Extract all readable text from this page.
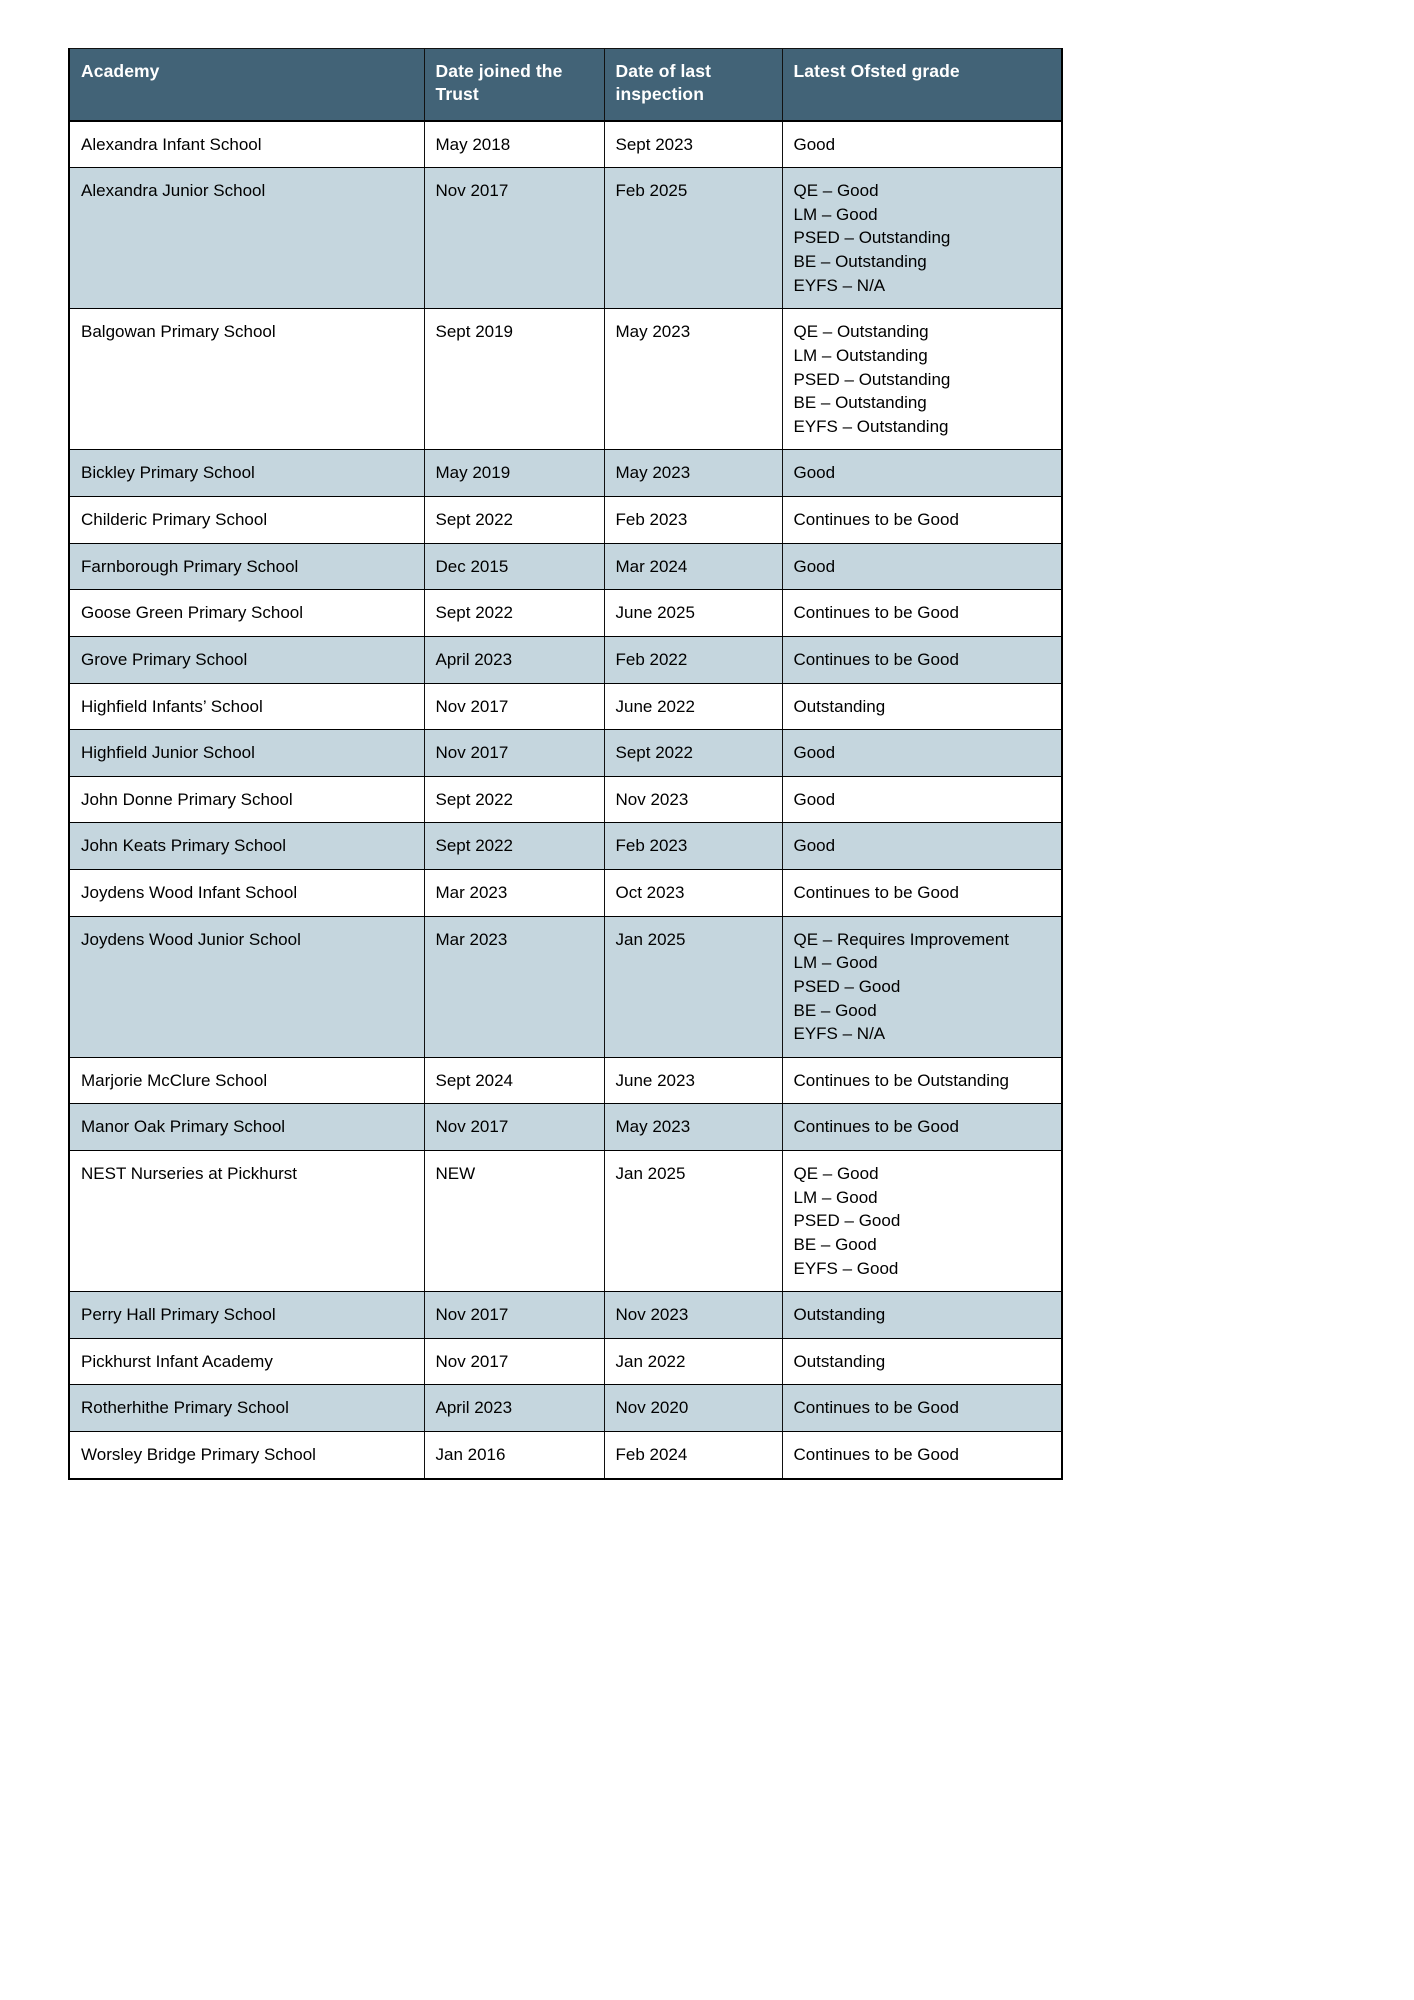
Academy	Date joined the Trust	Date of last inspection	Latest Ofsted grade

Alexandra Infant School	May 2018	Sept 2023	Good

Alexandra Junior School	Nov 2017	Feb 2025	QE – Good
LM – Good
PSED – Outstanding
BE – Outstanding
EYFS – N/A

Balgowan Primary School	Sept 2019	May 2023	QE – Outstanding
LM – Outstanding
PSED – Outstanding
BE – Outstanding
EYFS – Outstanding

Bickley Primary School	May 2019	May 2023	Good

Childeric Primary School	Sept 2022	Feb 2023	Continues to be Good

Farnborough Primary School	Dec 2015	Mar 2024	Good

Goose Green Primary School	Sept 2022	June 2025	Continues to be Good

Grove Primary School	April 2023	Feb 2022	Continues to be Good

Highfield Infants’ School	Nov 2017	June 2022	Outstanding

Highfield Junior School	Nov 2017	Sept 2022	Good

John Donne Primary School	Sept 2022	Nov 2023	Good

John Keats Primary School	Sept 2022	Feb 2023	Good

Joydens Wood Infant School	Mar 2023	Oct 2023	Continues to be Good

Joydens Wood Junior School	Mar 2023	Jan 2025	QE – Requires Improvement
LM – Good
PSED – Good
BE – Good
EYFS – N/A

Marjorie McClure School	Sept 2024	June 2023	Continues to be Outstanding

Manor Oak Primary School	Nov 2017	May 2023	Continues to be Good

NEST Nurseries at Pickhurst	NEW	Jan 2025	QE – Good
LM – Good
PSED – Good
BE – Good
EYFS – Good

Perry Hall Primary School	Nov 2017	Nov 2023	Outstanding

Pickhurst Infant Academy	Nov 2017	Jan 2022	Outstanding

Rotherhithe Primary School	April 2023	Nov 2020	Continues to be Good

Worsley Bridge Primary School	Jan 2016	Feb 2024	Continues to be Good
